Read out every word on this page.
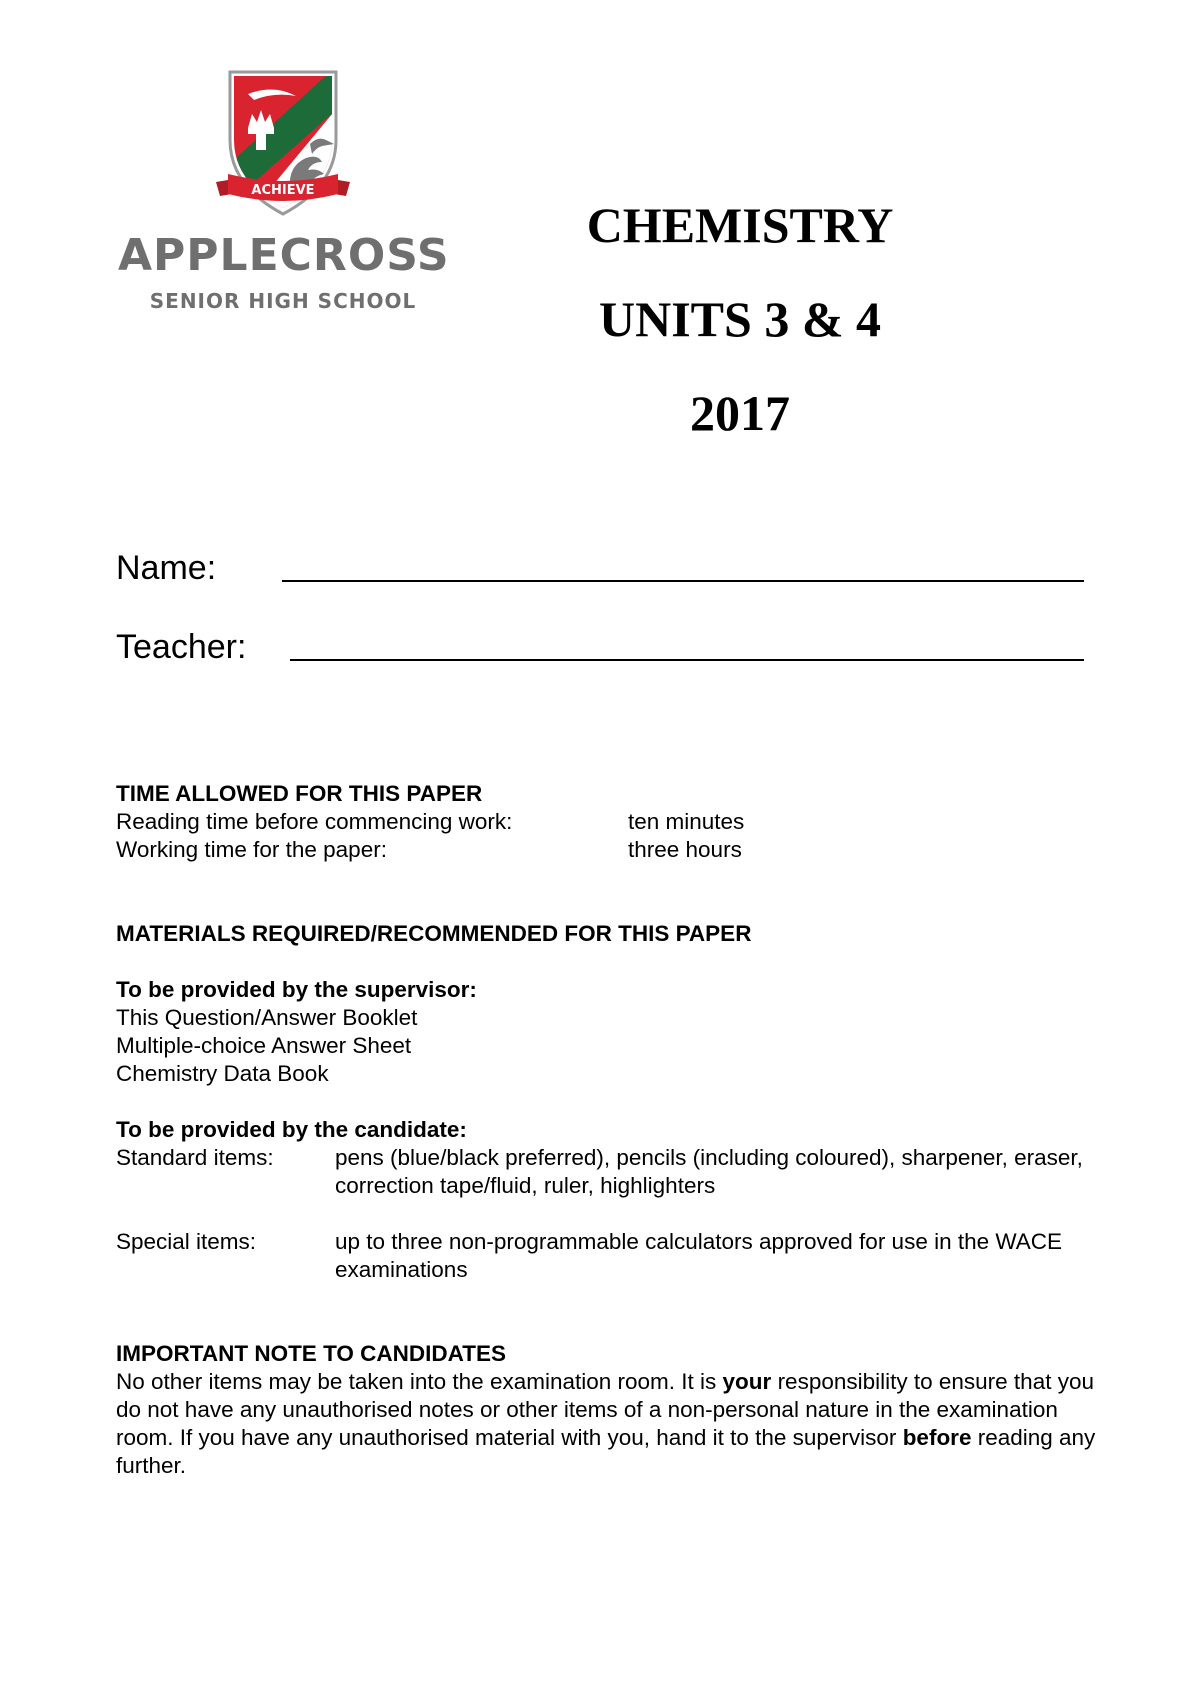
ACHIEVE
APPLECROSS
SENIOR HIGH SCHOOL
CHEMISTRY
UNITS 3 & 4
2017
Name:
Teacher:

TIME ALLOWED FOR THIS PAPER

Reading time before commencing work:	ten minutes
Working time for the paper:	three hours

MATERIALS REQUIRED/RECOMMENDED FOR THIS PAPER

To be provided by the supervisor:

This Question/Answer Booklet

Multiple-choice Answer Sheet

Chemistry Data Book

To be provided by the candidate:

Standard items:	pens (blue/black preferred), pencils (including coloured), sharpener, eraser, correction tape/fluid, ruler, highlighters
Special items:	up to three non-programmable calculators approved for use in the WACE examinations

IMPORTANT NOTE TO CANDIDATES

No other items may be taken into the examination room. It is your responsibility to ensure that you do not have any unauthorised notes or other items of a non-personal nature in the examination room. If you have any unauthorised material with you, hand it to the supervisor before reading any further.
